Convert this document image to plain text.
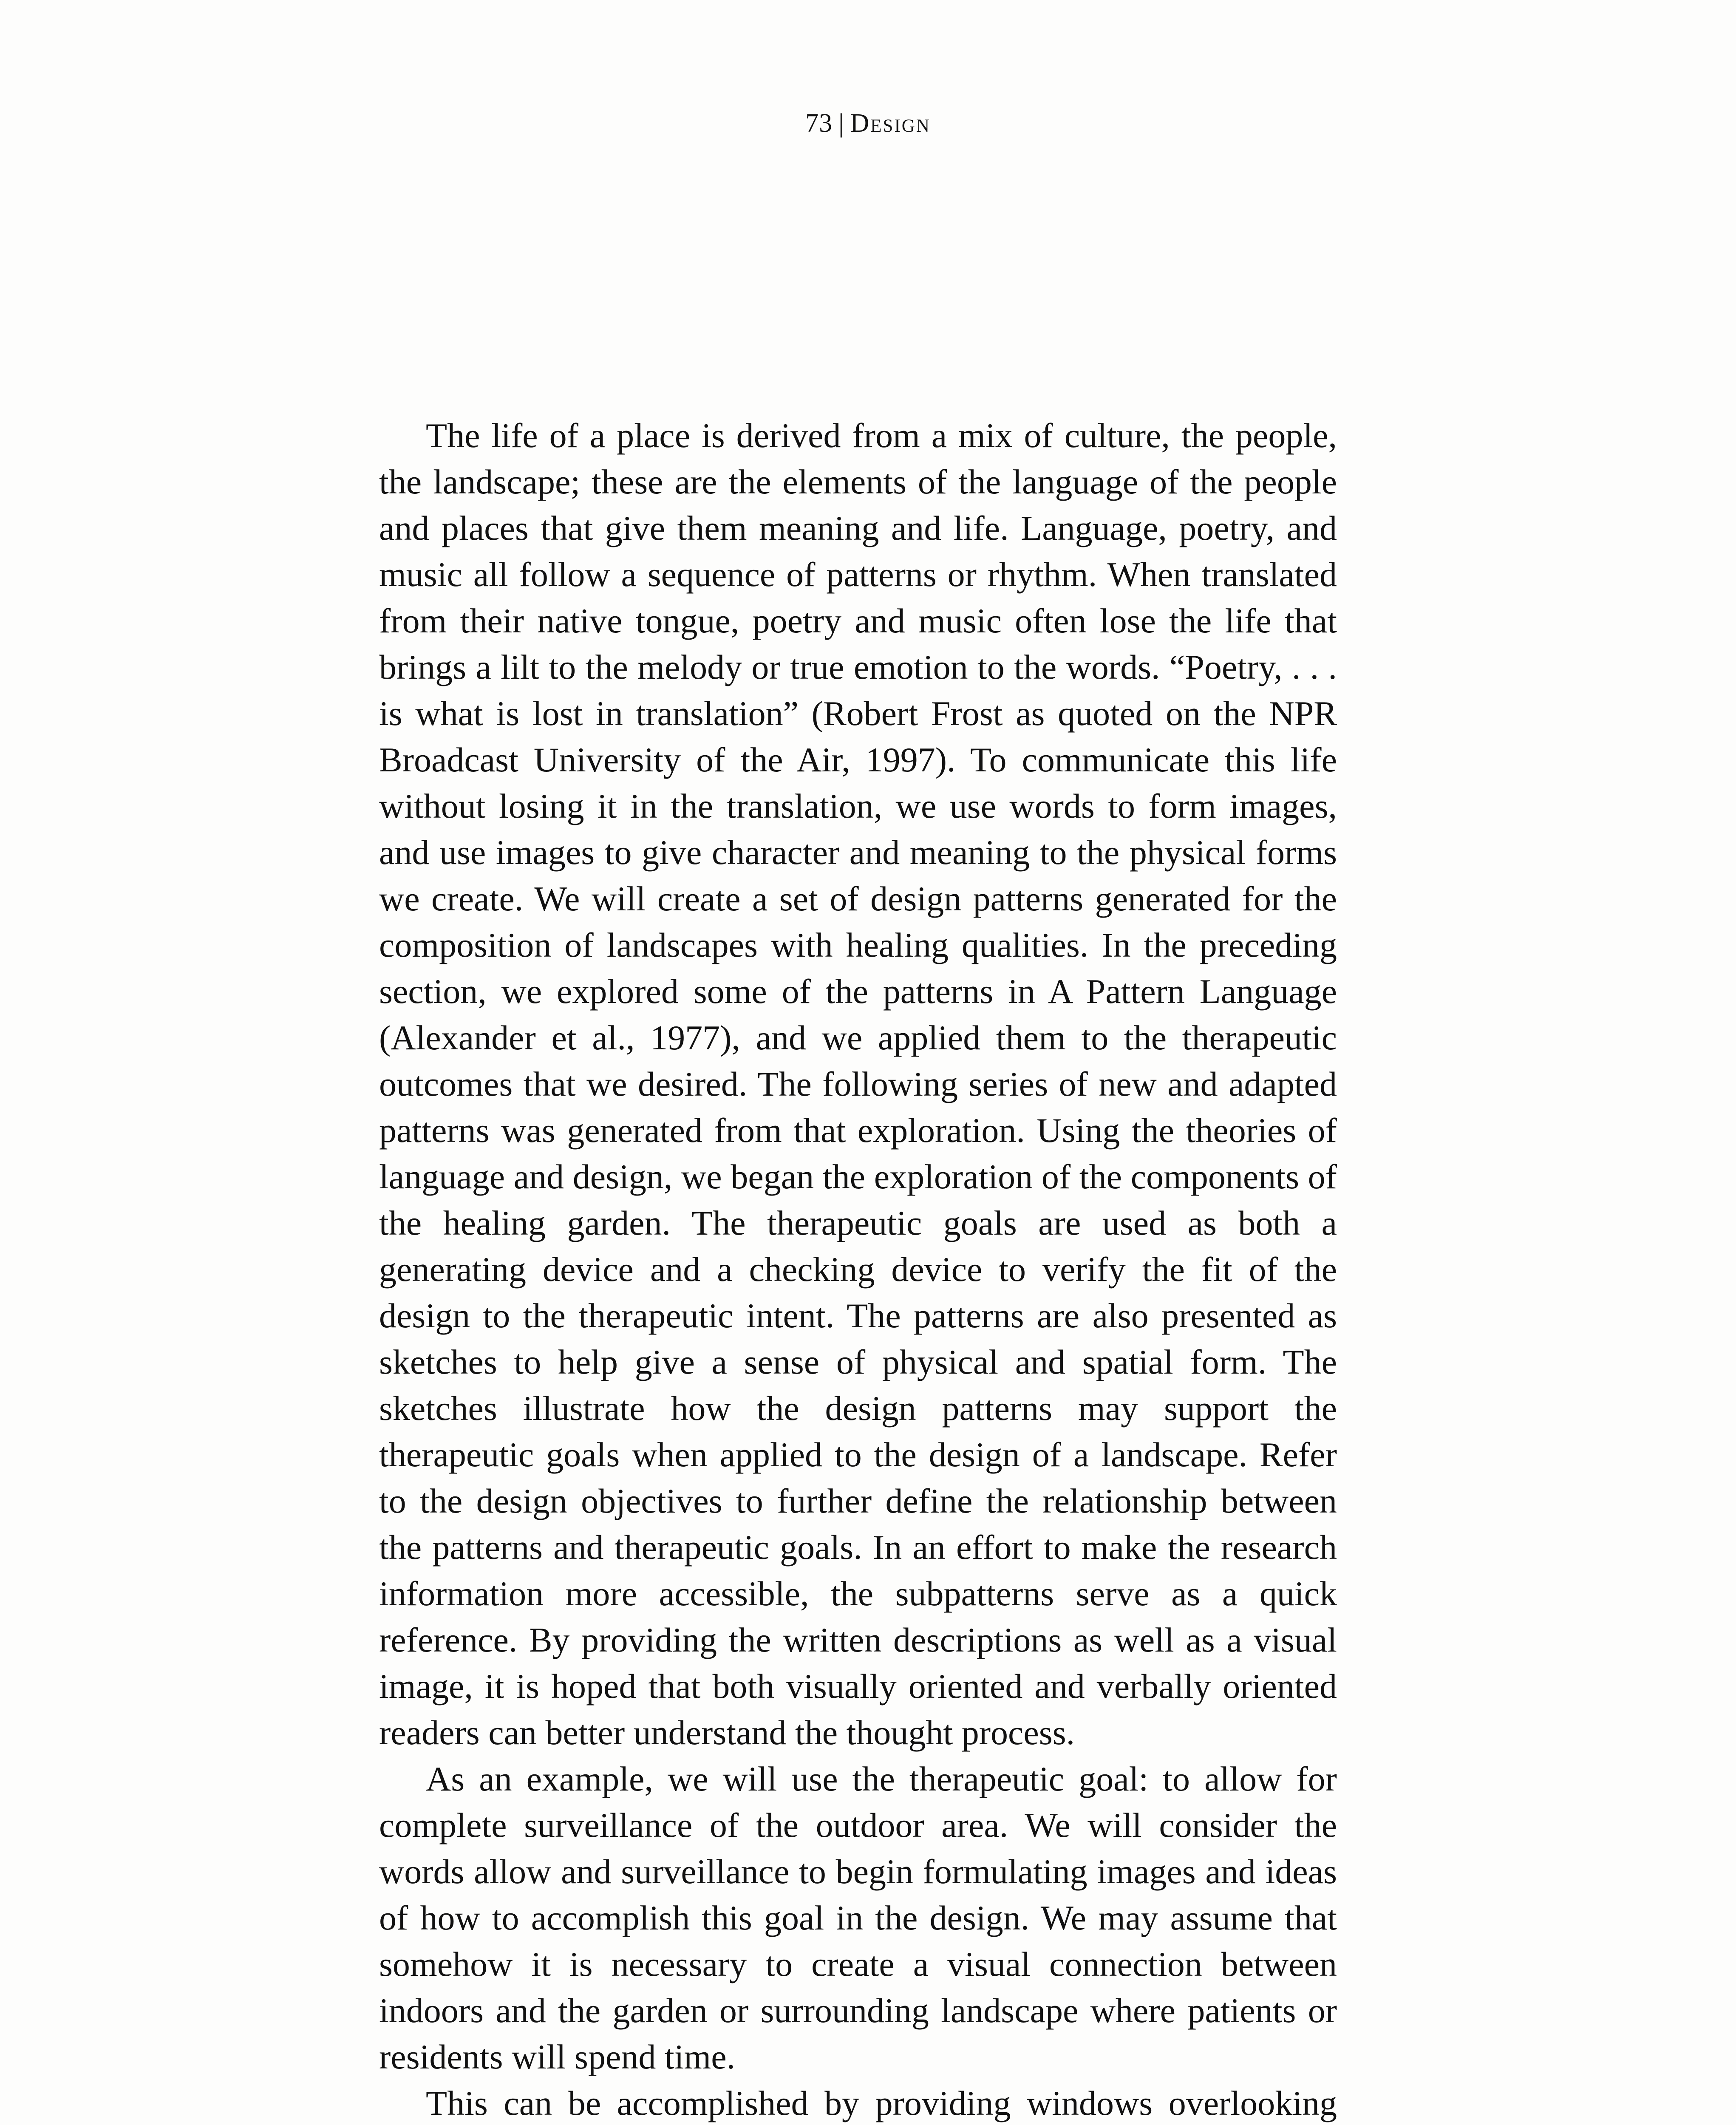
73 | Design

The life of a place is derived from a mix of culture, the people, the landscape; these are the elements of the language of the people and places that give them meaning and life. Language, poetry, and music all follow a sequence of patterns or rhythm. When translated from their native tongue, poetry and music often lose the life that brings a lilt to the melody or true emotion to the words. “Poetry, . . . is what is lost in translation” (Robert Frost as quoted on the NPR Broadcast University of the Air, 1997). To communicate this life without losing it in the translation, we use words to form images, and use images to give character and meaning to the physical forms we create. We will create a set of design patterns generated for the composition of landscapes with healing qualities. In the preceding section, we explored some of the patterns in A Pattern Language (Alexander et al., 1977), and we applied them to the therapeutic outcomes that we desired. The following series of new and adapted patterns was generated from that exploration. Using the theories of language and design, we began the exploration of the components of the healing garden. The therapeutic goals are used as both a generating device and a checking device to verify the fit of the design to the therapeutic intent. The patterns are also presented as sketches to help give a sense of physical and spatial form. The sketches illustrate how the design patterns may support the therapeutic goals when applied to the design of a landscape. Refer to the design objectives to further define the relationship between the patterns and therapeutic goals. In an effort to make the research information more accessible, the subpatterns serve as a quick reference. By providing the written descriptions as well as a visual image, it is hoped that both visually oriented and verbally oriented readers can better understand the thought process.

As an example, we will use the therapeutic goal: to allow for complete surveillance of the outdoor area. We will consider the words allow and surveillance to begin formulating images and ideas of how to accomplish this goal in the design. We may assume that somehow it is necessary to create a visual connection between indoors and the garden or surrounding landscape where patients or residents will spend time.

This can be accomplished by providing windows overlooking
